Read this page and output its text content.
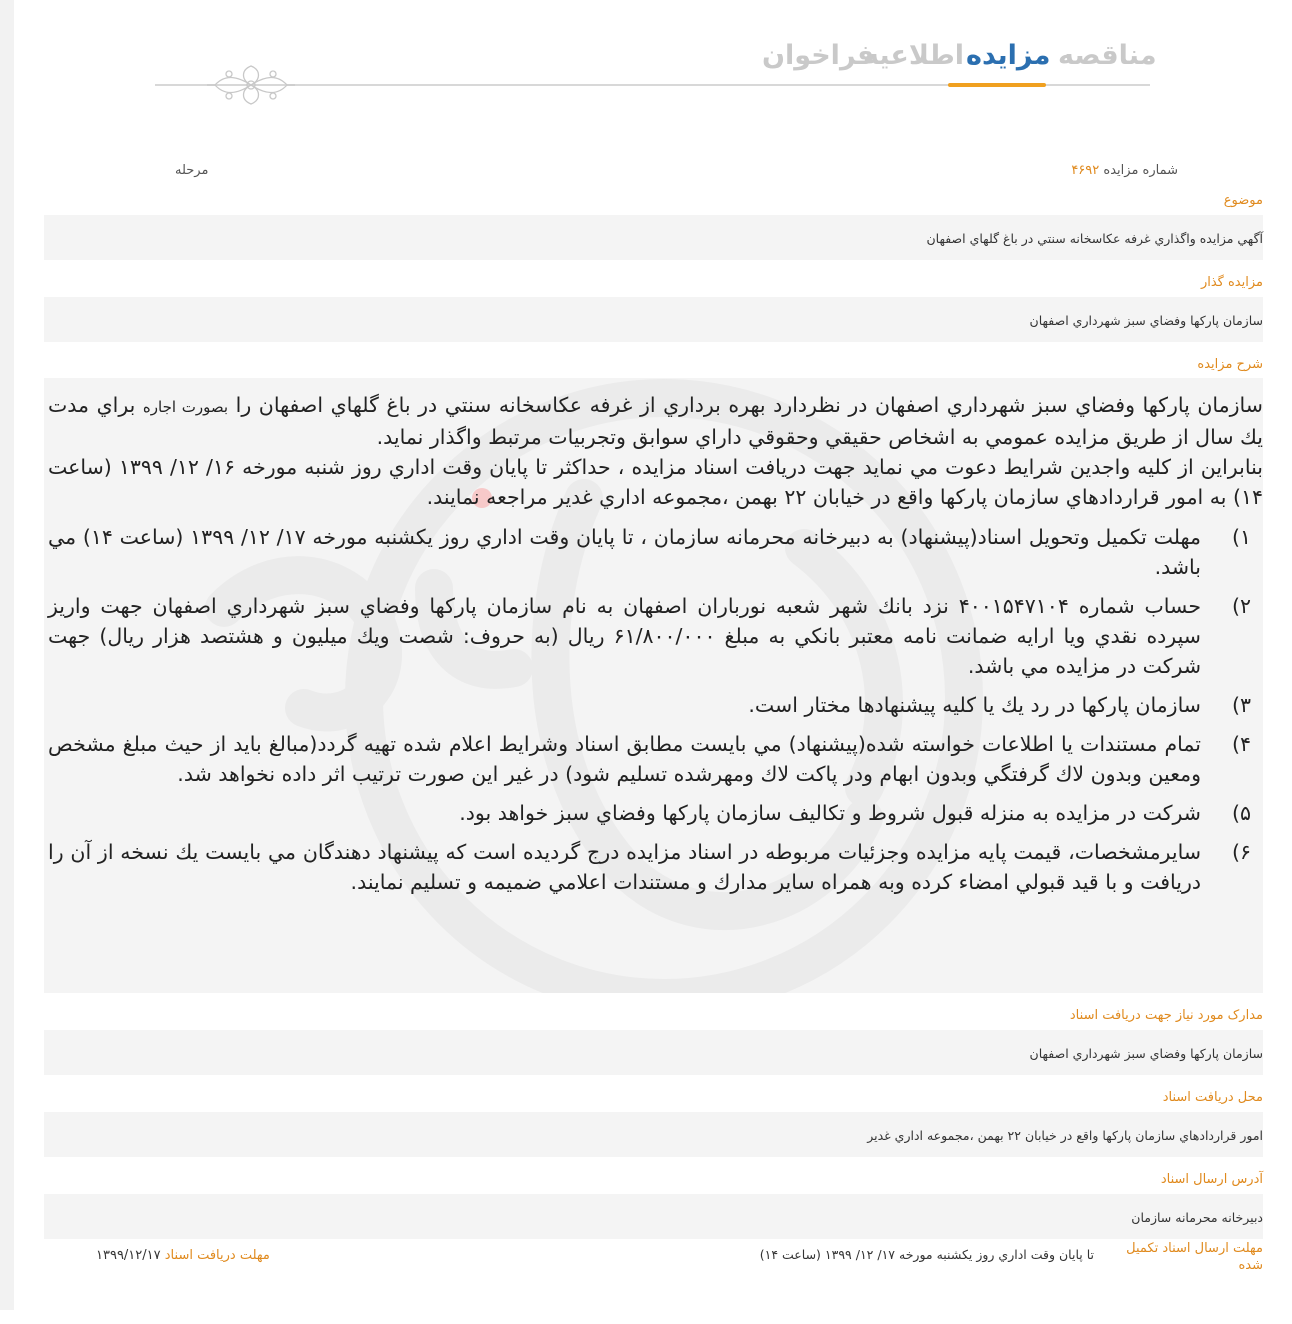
مناقصه
مزایده
اطلاعیه
فراخوان
شماره مزایده ۴۶۹۲
مرحله
موضوع
آگهي مزايده واگذاري غرفه عكاسخانه سنتي در باغ گلهاي اصفهان
مزایده گذار
سازمان پاركها وفضاي سبز شهرداري اصفهان
شرح مزایده

سازمان پاركها وفضاي سبز شهرداري اصفهان در نظردارد بهره برداري از غرفه عكاسخانه سنتي در باغ گلهاي اصفهان را بصورت اجاره براي مدت يك سال از طريق مزايده عمومي به اشخاص حقيقي وحقوقي داراي سوابق وتجربيات مرتبط واگذار نمايد.

بنابراين از كليه واجدين شرايط دعوت مي نمايد جهت دريافت اسناد مزايده ، حداكثر تا پايان وقت اداري روز شنبه مورخه ۱۶/ ۱۲/ ۱۳۹۹ (ساعت ۱۴) به امور قراردادهاي سازمان پاركها واقع در خيابان ۲۲ بهمن ،مجموعه اداري غدير مراجعه نمايند.

۱)
مهلت تكميل وتحويل اسناد(پيشنهاد) به دبيرخانه محرمانه سازمان ، تا پايان وقت اداري روز يكشنبه مورخه ۱۷/ ۱۲/ ۱۳۹۹ (ساعت ۱۴) مي باشد.
۲)
حساب شماره ۴۰۰۱۵۴۷۱۰۴ نزد بانك شهر شعبه نورباران اصفهان به نام سازمان پاركها وفضاي سبز شهرداري اصفهان جهت واريز سپرده نقدي ويا ارايه ضمانت نامه معتبر بانكي به مبلغ ۶۱/۸۰۰/۰۰۰ ريال (به حروف: شصت ويك ميليون و هشتصد هزار ريال) جهت شركت در مزايده مي باشد.
۳)
سازمان پاركها در رد يك يا كليه پيشنهادها مختار است.
۴)
تمام مستندات يا اطلاعات خواسته شده(پيشنهاد) مي بايست مطابق اسناد وشرايط اعلام شده تهيه گردد(مبالغ بايد از حيث مبلغ مشخص ومعين وبدون لاك گرفتگي وبدون ابهام ودر پاكت لاك ومهرشده تسليم شود) در غير اين صورت ترتيب اثر داده نخواهد شد.
۵)
شركت در مزايده به منزله قبول شروط و تكاليف سازمان پاركها وفضاي سبز خواهد بود.
۶)
سايرمشخصات، قيمت پايه مزايده وجزئيات مربوطه در اسناد مزايده درج گرديده است كه پيشنهاد دهندگان مي بايست يك نسخه از آن را دريافت و با قيد قبولي امضاء كرده وبه همراه ساير مدارك و مستندات اعلامي ضميمه و تسليم نمايند.
مدارک مورد نیاز جهت دریافت اسناد
سازمان پاركها وفضاي سبز شهرداري اصفهان
محل دریافت اسناد
امور قراردادهاي سازمان پاركها واقع در خيابان ۲۲ بهمن ،مجموعه اداري غدير
آدرس ارسال اسناد
دبيرخانه محرمانه سازمان
مهلت ارسال اسناد تکمیل
شده
تا پايان وقت اداري روز يكشنبه مورخه ۱۷/ ۱۲/ ۱۳۹۹ (ساعت ۱۴)
مهلت دریافت اسناد ۱۳۹۹/۱۲/۱۷
